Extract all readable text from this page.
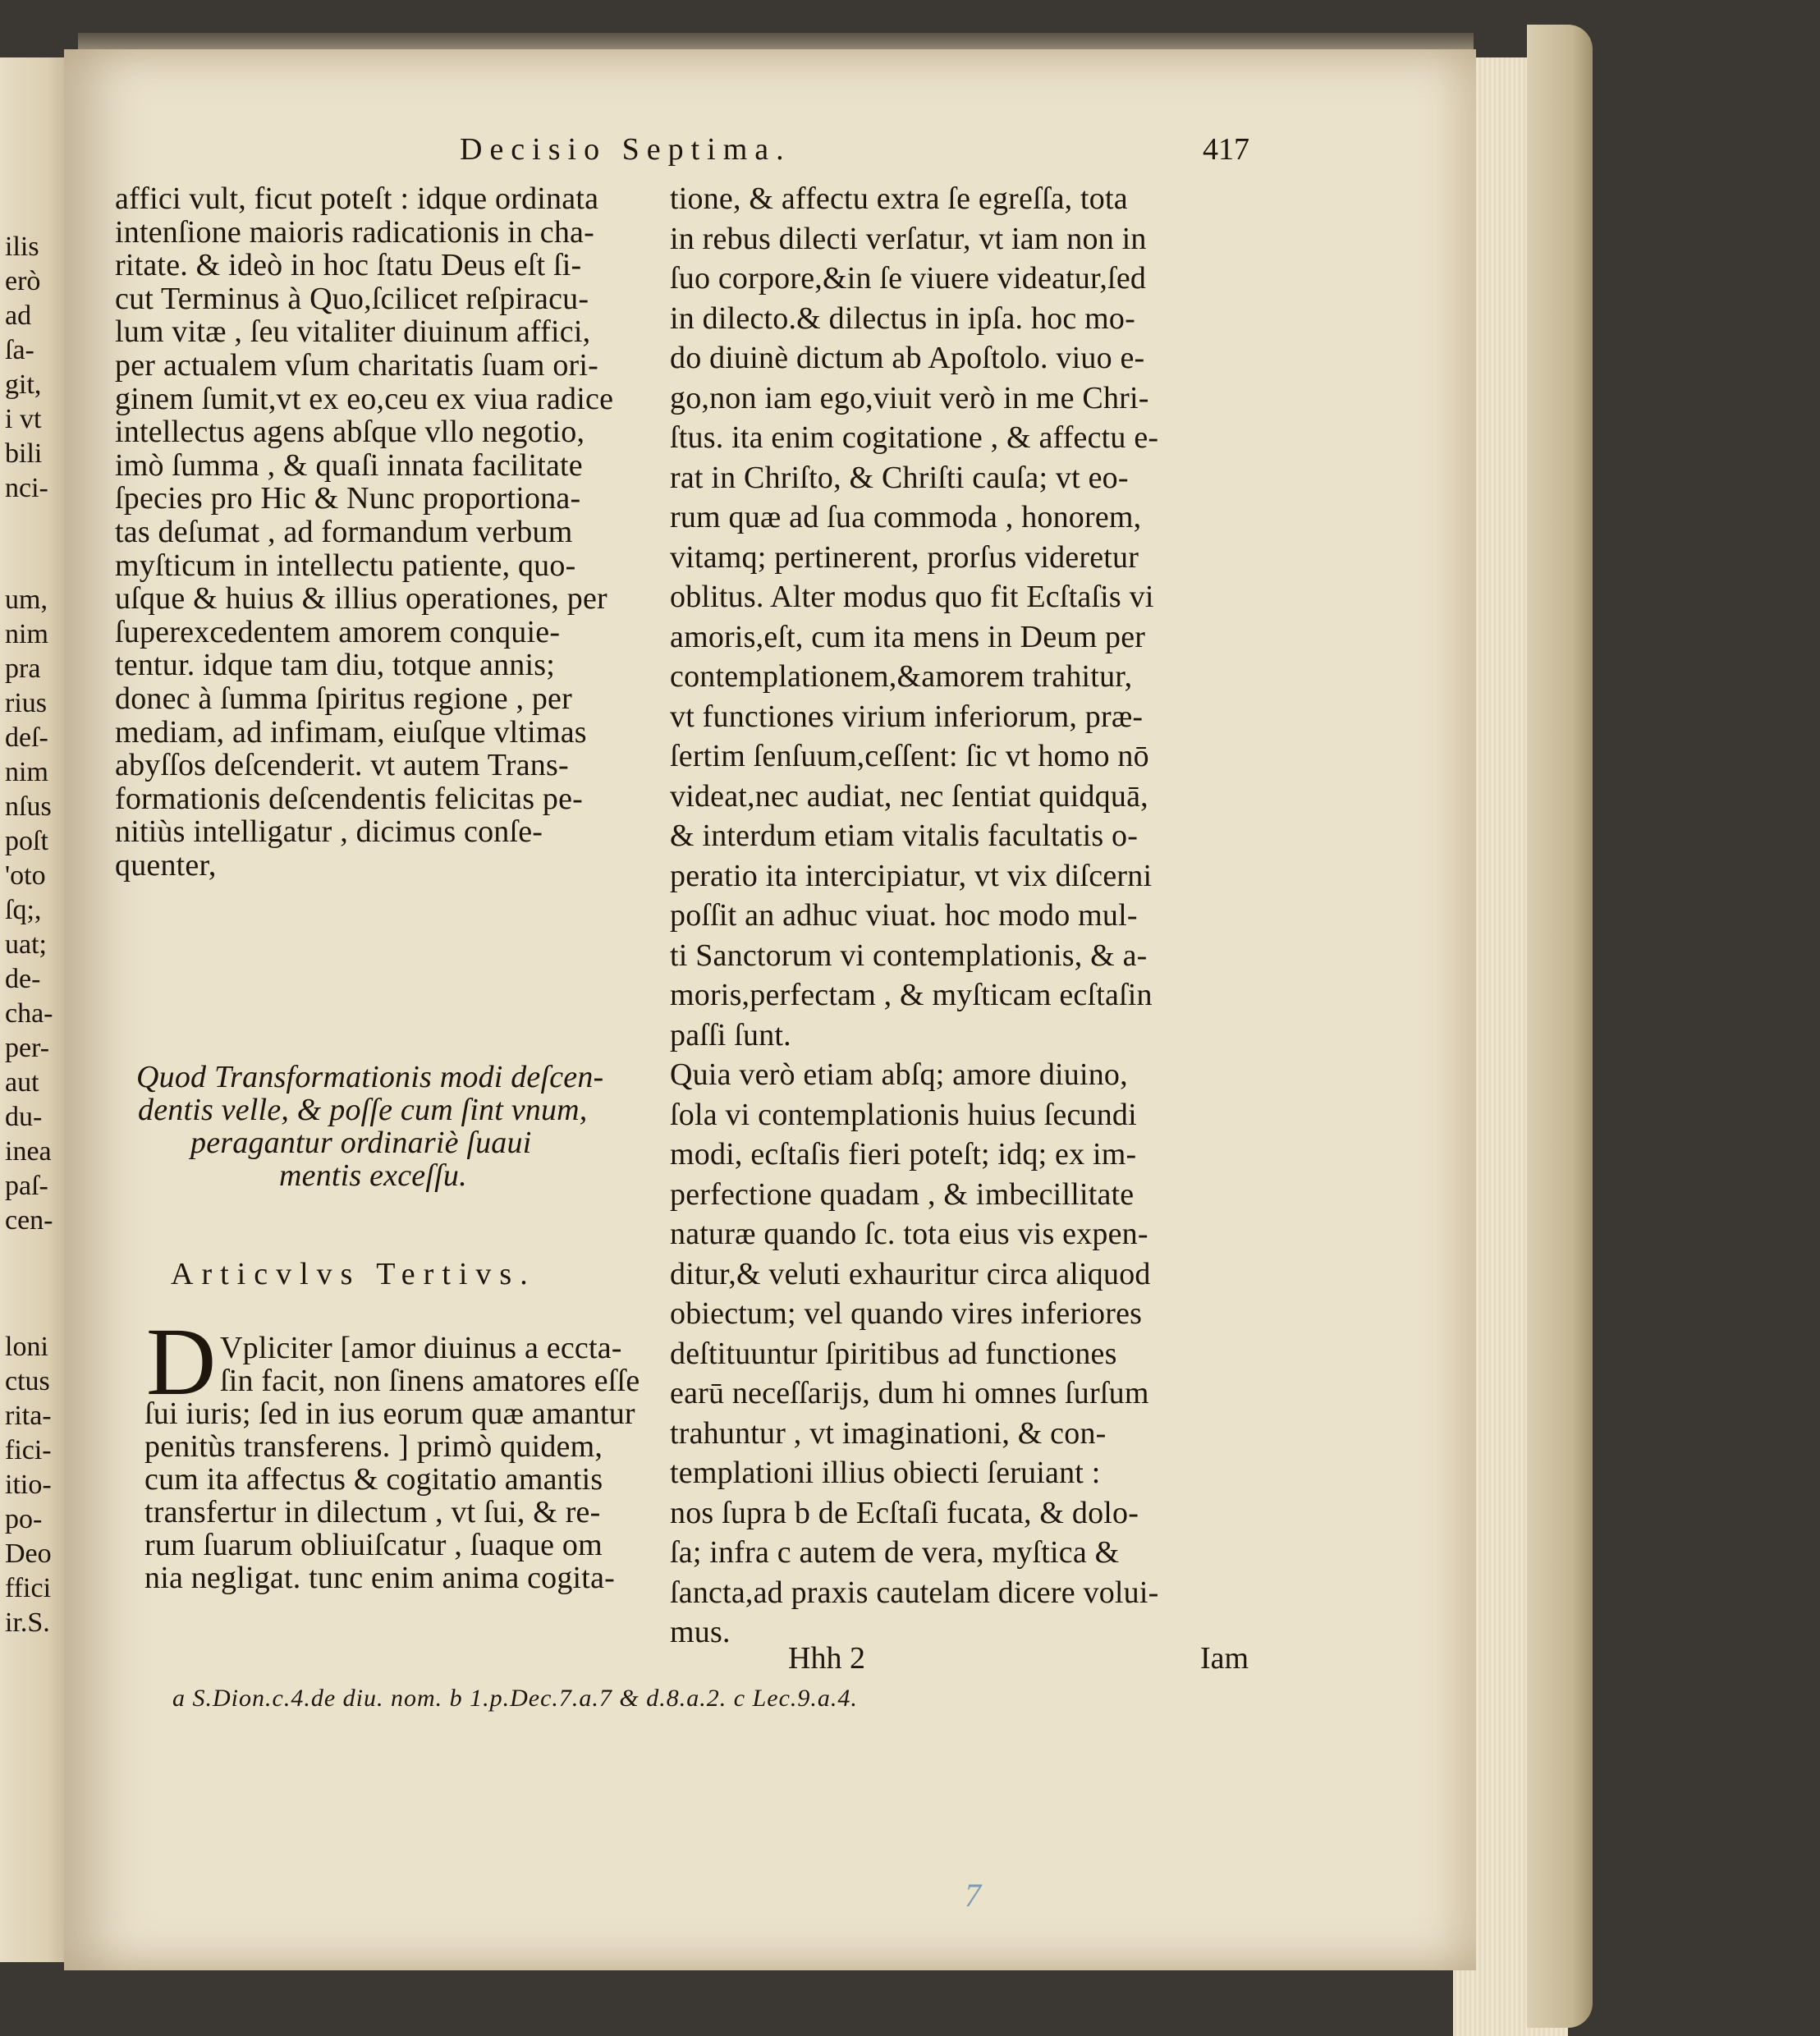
ilis
erò
ad
ſa-
git,
i vt
bili
nci-
um,
nim
pra
rius
deſ-
nim
nſus
poſt
'oto
ſq;,
uat;
de-
cha-
per-
aut
du-
inea
paſ-
cen-
loni
ctus
rita-
fici-
itio-
po-
Deo
ffici
ir.S.
Decisio Septima.	417
affici vult, ficut poteſt : idque ordinata
intenſione maioris radicationis in cha-
ritate. & ideò in hoc ſtatu Deus eſt ſi-
cut Terminus à Quo,ſcilicet reſpiracu-
lum vitæ , ſeu vitaliter diuinum affici,
per actualem vſum charitatis ſuam ori-
ginem ſumit,vt ex eo,ceu ex viua radice
intellectus agens abſque vllo negotio,
imò ſumma , & quaſi innata facilitate
ſpecies pro Hic & Nunc proportiona-
tas deſumat , ad formandum verbum
myſticum in intellectu patiente, quo-
uſque & huius & illius operationes, per
ſuperexcedentem amorem conquie-
tentur. idque tam diu, totque annis;
donec à ſumma ſpiritus regione , per
mediam, ad infimam, eiuſque vltimas
abyſſos deſcenderit. vt autem Trans-
formationis deſcendentis felicitas pe-
nitiùs intelligatur , dicimus conſe-
quenter,
Quod Transformationis modi deſcen-
dentis velle, & poſſe cum ſint vnum,
peragantur ordinariè ſuaui
mentis exceſſu.
Articvlvs Tertivs.
D Vpliciter [amor diuinus a eccta-
ſin facit, non ſinens amatores eſſe
ſui iuris; ſed in ius eorum quæ amantur
penitùs transferens. ] primò quidem,
cum ita affectus & cogitatio amantis
transfertur in dilectum , vt ſui, & re-
rum ſuarum obliuiſcatur , ſuaque om
nia negligat. tunc enim anima cogita-
tione, & affectu extra ſe egreſſa, tota
in rebus dilecti verſatur, vt iam non in
ſuo corpore,&in ſe viuere videatur,ſed
in dilecto.& dilectus in ipſa. hoc mo-
do diuinè dictum ab Apoſtolo. viuo e-
go,non iam ego,viuit verò in me Chri-
ſtus. ita enim cogitatione , & affectu e-
rat in Chriſto, & Chriſti cauſa; vt eo-
rum quæ ad ſua commoda , honorem,
vitamq; pertinerent, prorſus videretur
oblitus. Alter modus quo fit Ecſtaſis vi
amoris,eſt, cum ita mens in Deum per
contemplationem,&amorem trahitur,
vt functiones virium inferiorum, præ-
ſertim ſenſuum,ceſſent: ſic vt homo nō
videat,nec audiat, nec ſentiat quidquā,
& interdum etiam vitalis facultatis o-
peratio ita intercipiatur, vt vix diſcerni
poſſit an adhuc viuat. hoc modo mul-
ti Sanctorum vi contemplationis, & a-
moris,perfectam , & myſticam ecſtaſin
paſſi ſunt.
Quia verò etiam abſq; amore diuino,
ſola vi contemplationis huius ſecundi
modi, ecſtaſis fieri poteſt; idq; ex im-
perfectione quadam , & imbecillitate
naturæ quando ſc. tota eius vis expen-
ditur,& veluti exhauritur circa aliquod
obiectum; vel quando vires inferiores
deſtituuntur ſpiritibus ad functiones
earū neceſſarijs, dum hi omnes ſurſum
trahuntur , vt imaginationi, & con-
templationi illius obiecti ſeruiant :
nos ſupra b de Ecſtaſi fucata, & dolo-
ſa; infra c autem de vera, myſtica &
ſancta,ad praxis cautelam dicere volui-
mus.
Hhh 2	Iam
a S.Dion.c.4.de diu. nom. b 1.p.Dec.7.a.7 & d.8.a.2. c Lec.9.a.4.
7
